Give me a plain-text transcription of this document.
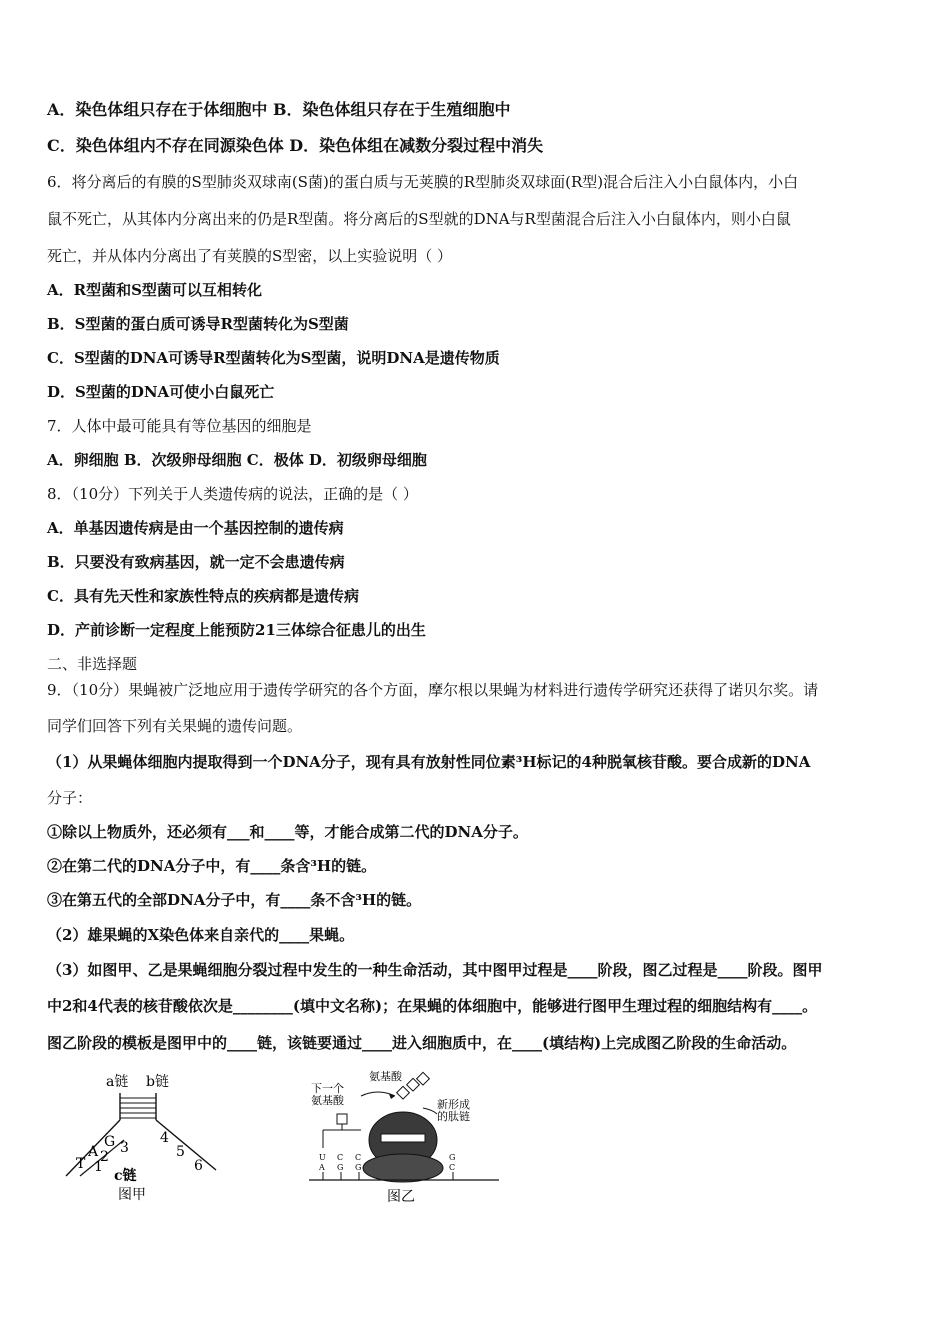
A．染色体组只存在于体细胞中 B．染色体组只存在于生殖细胞中
C．染色体组内不存在同源染色体 D．染色体组在减数分裂过程中消失
6．将分离后的有膜的S型肺炎双球南(S菌)的蛋白质与无荚膜的R型肺炎双球面(R型)混合后注入小白鼠体内，小白
鼠不死亡，从其体内分离出来的仍是R型菌。将分离后的S型就的DNA与R型菌混合后注入小白鼠体内，则小白鼠
死亡，并从体内分离出了有荚膜的S型密，以上实验说明（ ）
A．R型菌和S型菌可以互相转化
B．S型菌的蛋白质可诱导R型菌转化为S型菌
C．S型菌的DNA可诱导R型菌转化为S型菌，说明DNA是遗传物质
D．S型菌的DNA可使小白鼠死亡
7．人体中最可能具有等位基因的细胞是
A．卵细胞 B．次级卵母细胞 C．极体 D．初级卵母细胞
8．（10分）下列关于人类遗传病的说法，正确的是（ ）
A．单基因遗传病是由一个基因控制的遗传病
B．只要没有致病基因，就一定不会患遗传病
C．具有先天性和家族性特点的疾病都是遗传病
D．产前诊断一定程度上能预防21三体综合征患儿的出生
二、非选择题
9．（10分）果蝇被广泛地应用于遗传学研究的各个方面，摩尔根以果蝇为材料进行遗传学研究还获得了诺贝尔奖。请
同学们回答下列有关果蝇的遗传问题。
（1）从果蝇体细胞内提取得到一个DNA分子，现有具有放射性同位素³H标记的4种脱氧核苷酸。要合成新的DNA
分子：
①除以上物质外，还必须有___和____等，才能合成第二代的DNA分子。
②在第二代的DNA分子中，有____条含³H的链。
③在第五代的全部DNA分子中，有____条不含³H的链。
（2）雄果蝇的X染色体来自亲代的____果蝇。
（3）如图甲、乙是果蝇细胞分裂过程中发生的一种生命活动，其中图甲过程是____阶段，图乙过程是____阶段。图甲
中2和4代表的核苷酸依次是________(填中文名称)；在果蝇的体细胞中，能够进行图甲生理过程的细胞结构有____。
图乙阶段的模板是图甲中的____链，该链要通过____进入细胞质中，在____(填结构)上完成图乙阶段的生命活动。
a链 b链
T
A
G
1
2
3
4
5
6
c链
图甲
氨基酸
下一个
氨基酸	新形成
的肽链
U
A
C
G
C
G
G
C
图乙
